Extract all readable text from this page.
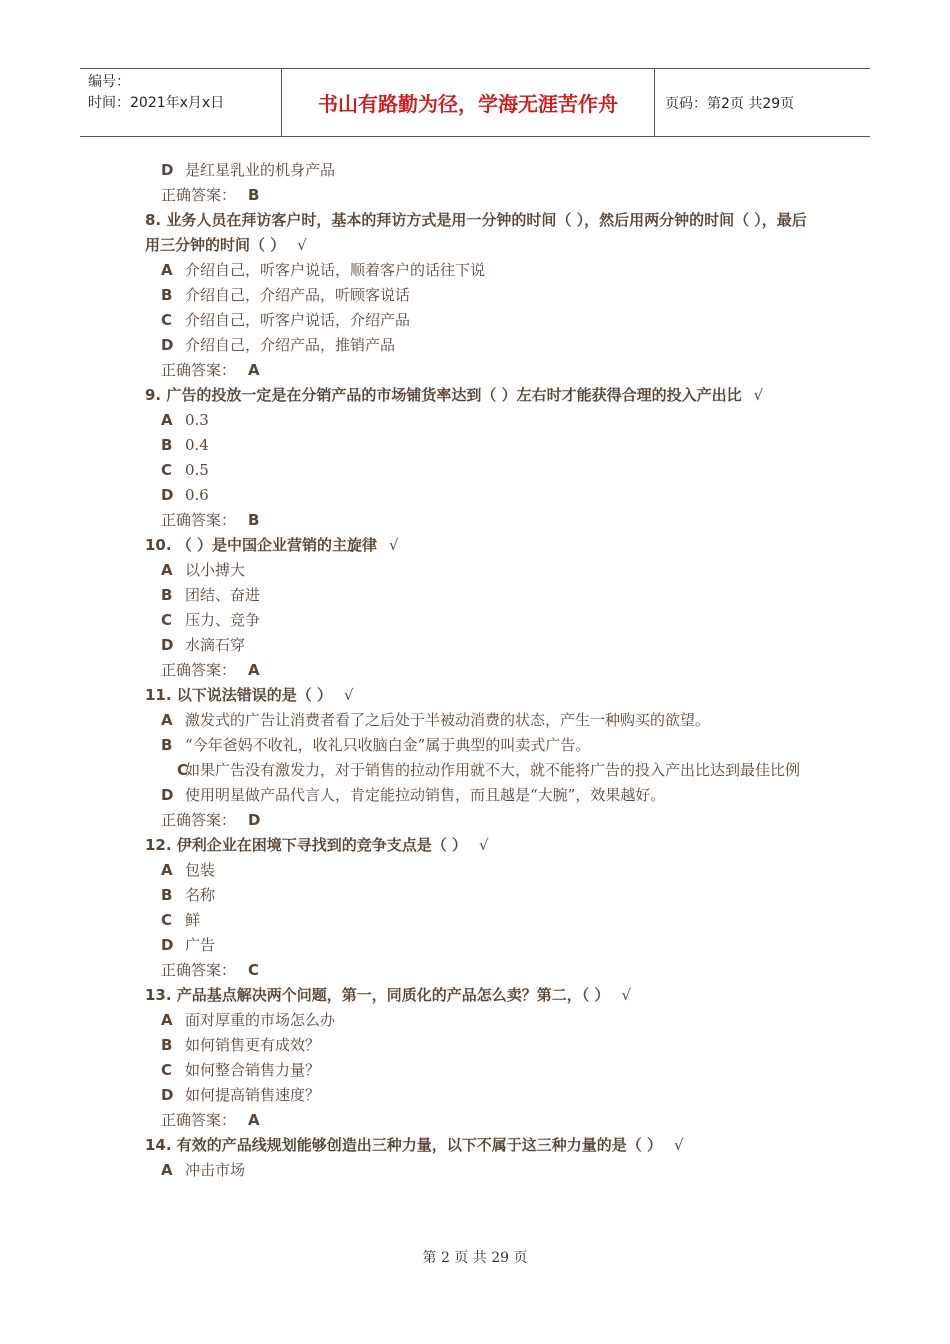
编号：
时间：2021年x月x日	书山有路勤为径，学海无涯苦作舟	页码：第2页 共29页
D 是红星乳业的机身产品
正确答案： B
8. 业务人员在拜访客户时，基本的拜访方式是用一分钟的时间（ ），然后用两分钟的时间（ ），最后用三分钟的时间（ ） √
A 介绍自己，听客户说话，顺着客户的话往下说
B 介绍自己，介绍产品，听顾客说话
C 介绍自己，听客户说话，介绍产品
D 介绍自己，介绍产品，推销产品
正确答案： A
9. 广告的投放一定是在分销产品的市场铺货率达到（ ）左右时才能获得合理的投入产出比 √
A 0.3
B 0.4
C 0.5
D 0.6
正确答案： B
10. （ ）是中国企业营销的主旋律 √
A 以小搏大
B 团结、奋进
C 压力、竞争
D 水滴石穿
正确答案： A
11. 以下说法错误的是（ ） √
A 激发式的广告让消费者看了之后处于半被动消费的状态，产生一种购买的欲望。
B “今年爸妈不收礼，收礼只收脑白金”属于典型的叫卖式广告。
C如果广告没有激发力，对于销售的拉动作用就不大，就不能将广告的投入产出比达到最佳比例
D 使用明星做产品代言人，肯定能拉动销售，而且越是“大腕”，效果越好。
正确答案： D
12. 伊利企业在困境下寻找到的竞争支点是（ ） √
A 包装
B 名称
C 鲜
D 广告
正确答案： C
13. 产品基点解决两个问题，第一，同质化的产品怎么卖？第二，（ ） √
A 面对厚重的市场怎么办
B 如何销售更有成效？
C 如何整合销售力量？
D 如何提高销售速度？
正确答案： A
14. 有效的产品线规划能够创造出三种力量，以下不属于这三种力量的是（ ） √
A 冲击市场
第 2 页 共 29 页
